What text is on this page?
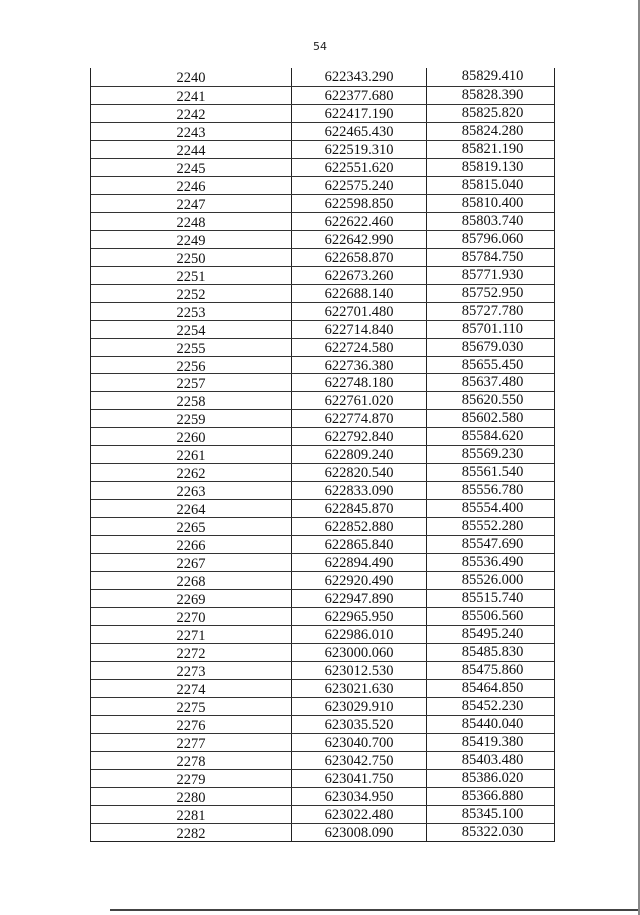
54
2240	622343.290	85829.410
2241	622377.680	85828.390
2242	622417.190	85825.820
2243	622465.430	85824.280
2244	622519.310	85821.190
2245	622551.620	85819.130
2246	622575.240	85815.040
2247	622598.850	85810.400
2248	622622.460	85803.740
2249	622642.990	85796.060
2250	622658.870	85784.750
2251	622673.260	85771.930
2252	622688.140	85752.950
2253	622701.480	85727.780
2254	622714.840	85701.110
2255	622724.580	85679.030
2256	622736.380	85655.450
2257	622748.180	85637.480
2258	622761.020	85620.550
2259	622774.870	85602.580
2260	622792.840	85584.620
2261	622809.240	85569.230
2262	622820.540	85561.540
2263	622833.090	85556.780
2264	622845.870	85554.400
2265	622852.880	85552.280
2266	622865.840	85547.690
2267	622894.490	85536.490
2268	622920.490	85526.000
2269	622947.890	85515.740
2270	622965.950	85506.560
2271	622986.010	85495.240
2272	623000.060	85485.830
2273	623012.530	85475.860
2274	623021.630	85464.850
2275	623029.910	85452.230
2276	623035.520	85440.040
2277	623040.700	85419.380
2278	623042.750	85403.480
2279	623041.750	85386.020
2280	623034.950	85366.880
2281	623022.480	85345.100
2282	623008.090	85322.030
